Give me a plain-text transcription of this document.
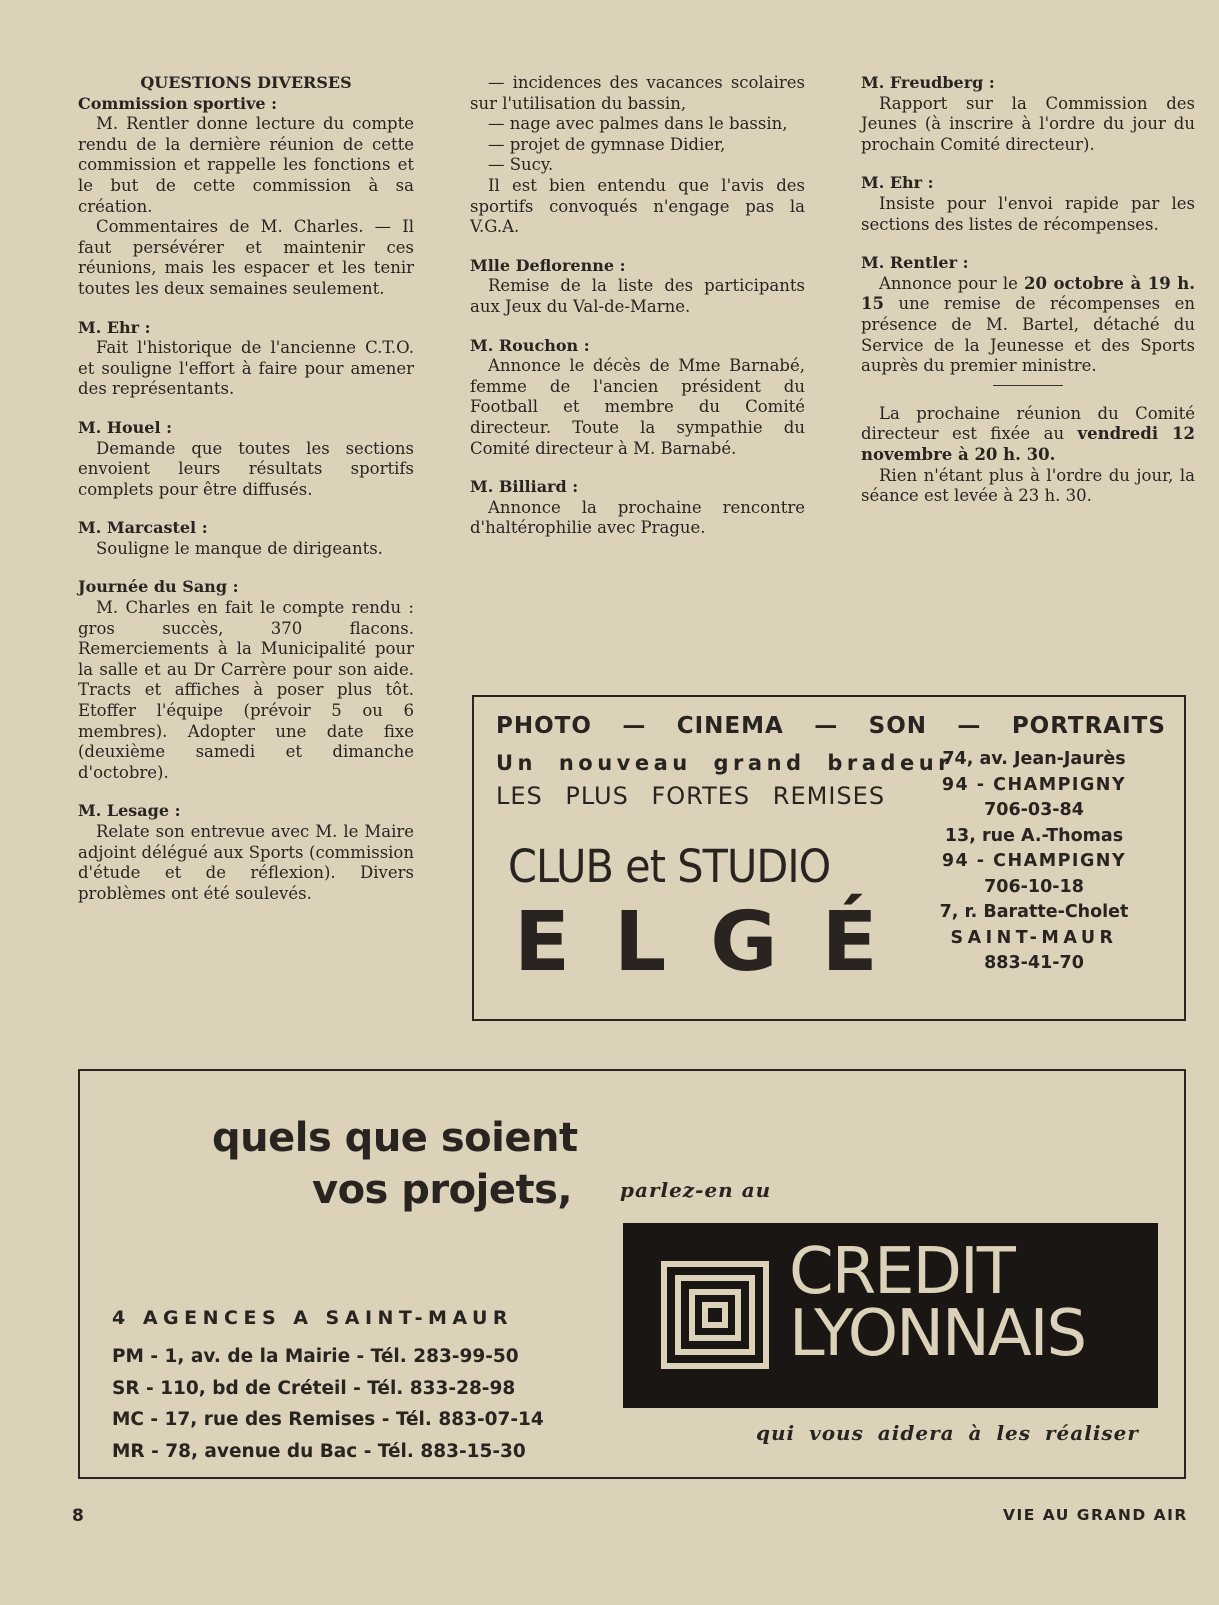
QUESTIONS DIVERSES

Commission sportive :

M. Rentler donne lecture du compte rendu de la dernière réunion de cette commission et rappelle les fonctions et le but de cette commission à sa création.

Commentaires de M. Charles. — Il faut persévérer et maintenir ces réunions, mais les espacer et les tenir toutes les deux semaines seulement.

M. Ehr :

Fait l'historique de l'ancienne C.T.O. et souligne l'effort à faire pour amener des représentants.

M. Houel :

Demande que toutes les sections envoient leurs résultats sportifs complets pour être diffusés.

M. Marcastel :

Souligne le manque de dirigeants.

Journée du Sang :

M. Charles en fait le compte rendu : gros succès, 370 flacons. Remerciements à la Municipalité pour la salle et au Dr Carrère pour son aide. Tracts et affiches à poser plus tôt. Etoffer l'équipe (prévoir 5 ou 6 membres). Adopter une date fixe (deuxième samedi et dimanche d'octobre).

M. Lesage :

Relate son entrevue avec M. le Maire adjoint délégué aux Sports (commission d'étude et de réflexion). Divers problèmes ont été soulevés.

— incidences des vacances scolaires sur l'utilisation du bassin,

— nage avec palmes dans le bassin,

— projet de gymnase Didier,

— Sucy.

Il est bien entendu que l'avis des sportifs convoqués n'engage pas la V.G.A.

Mlle Deflorenne :

Remise de la liste des participants aux Jeux du Val-de-Marne.

M. Rouchon :

Annonce le décès de Mme Barnabé, femme de l'ancien président du Football et membre du Comité directeur. Toute la sympathie du Comité directeur à M. Barnabé.

M. Billiard :

Annonce la prochaine rencontre d'haltérophilie avec Prague.

M. Freudberg :

Rapport sur la Commission des Jeunes (à inscrire à l'ordre du jour du prochain Comité directeur).

M. Ehr :

Insiste pour l'envoi rapide par les sections des listes de récompenses.

M. Rentler :

Annonce pour le 20 octobre à 19 h. 15 une remise de récompenses en présence de M. Bartel, détaché du Service de la Jeunesse et des Sports auprès du premier ministre.

La prochaine réunion du Comité directeur est fixée au vendredi 12 novembre à 20 h. 30.

Rien n'étant plus à l'ordre du jour, la séance est levée à 23 h. 30.

PHOTO — CINEMA — SON — PORTRAITS
Un nouveau grand bradeur
LES PLUS FORTES REMISES
CLUB et STUDIO
ELGÉ
74, av. Jean-Jaurès
94 - CHAMPIGNY
706-03-84
13, rue A.-Thomas
94 - CHAMPIGNY
706-10-18
7, r. Baratte-Cholet
SAINT-MAUR
883-41-70
quels que soient
vos projets, parlez-en au
4 AGENCES A SAINT-MAUR
PM - 1, av. de la Mairie - Tél. 283-99-50
SR - 110, bd de Créteil - Tél. 833-28-98
MC - 17, rue des Remises - Tél. 883-07-14
MR - 78, avenue du Bac - Tél. 883-15-30
CREDIT
LYONNAIS
qui vous aidera à les réaliser
8	VIE AU GRAND AIR
